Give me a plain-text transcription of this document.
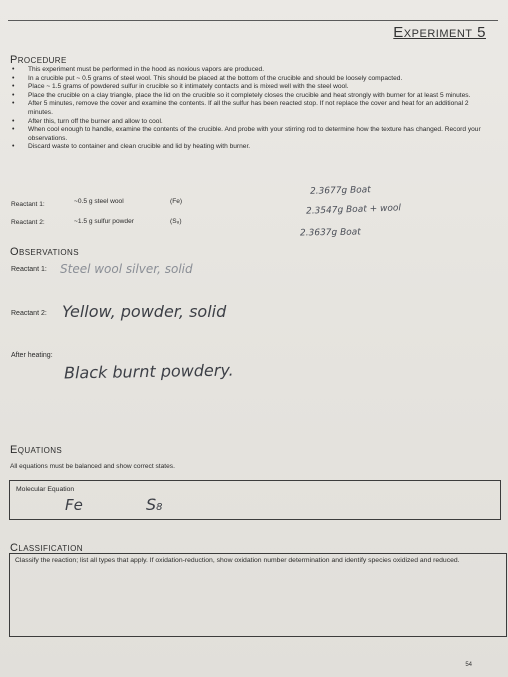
Experiment 5
Procedure
• This experiment must be performed in the hood as noxious vapors are produced.
• In a crucible put ~ 0.5 grams of steel wool. This should be placed at the bottom of the crucible and should be loosely compacted.
• Place ~ 1.5 grams of powdered sulfur in crucible so it intimately contacts and is mixed well with the steel wool.
• Place the crucible on a clay triangle, place the lid on the crucible so it completely closes the crucible and heat strongly with burner for at least 5 minutes.
• After 5 minutes, remove the cover and examine the contents. If all the sulfur has been reacted stop. If not replace the cover and heat for an additional 2 minutes.
• After this, turn off the burner and allow to cool.
• When cool enough to handle, examine the contents of the crucible. And probe with your stirring rod to determine how the texture has changed. Record your observations.
• Discard waste to container and clean crucible and lid by heating with burner.
Reactant 1:	~0.5 g steel wool	(Fe)
Reactant 2:	~1.5 g sulfur powder	(S₈)
2.3677g Boat
2.3547g Boat + wool
2.3637g Boat
Observations
Reactant 1: Steel wool silver, solid
Reactant 2: Yellow, powder, solid
After heating:
Black burnt powdery.
Equations
All equations must be balanced and show correct states.
Molecular Equation
Fe	S8
Classification
Classify the reaction; list all types that apply. If oxidation-reduction, show oxidation number determination and identify species oxidized and reduced.
54
